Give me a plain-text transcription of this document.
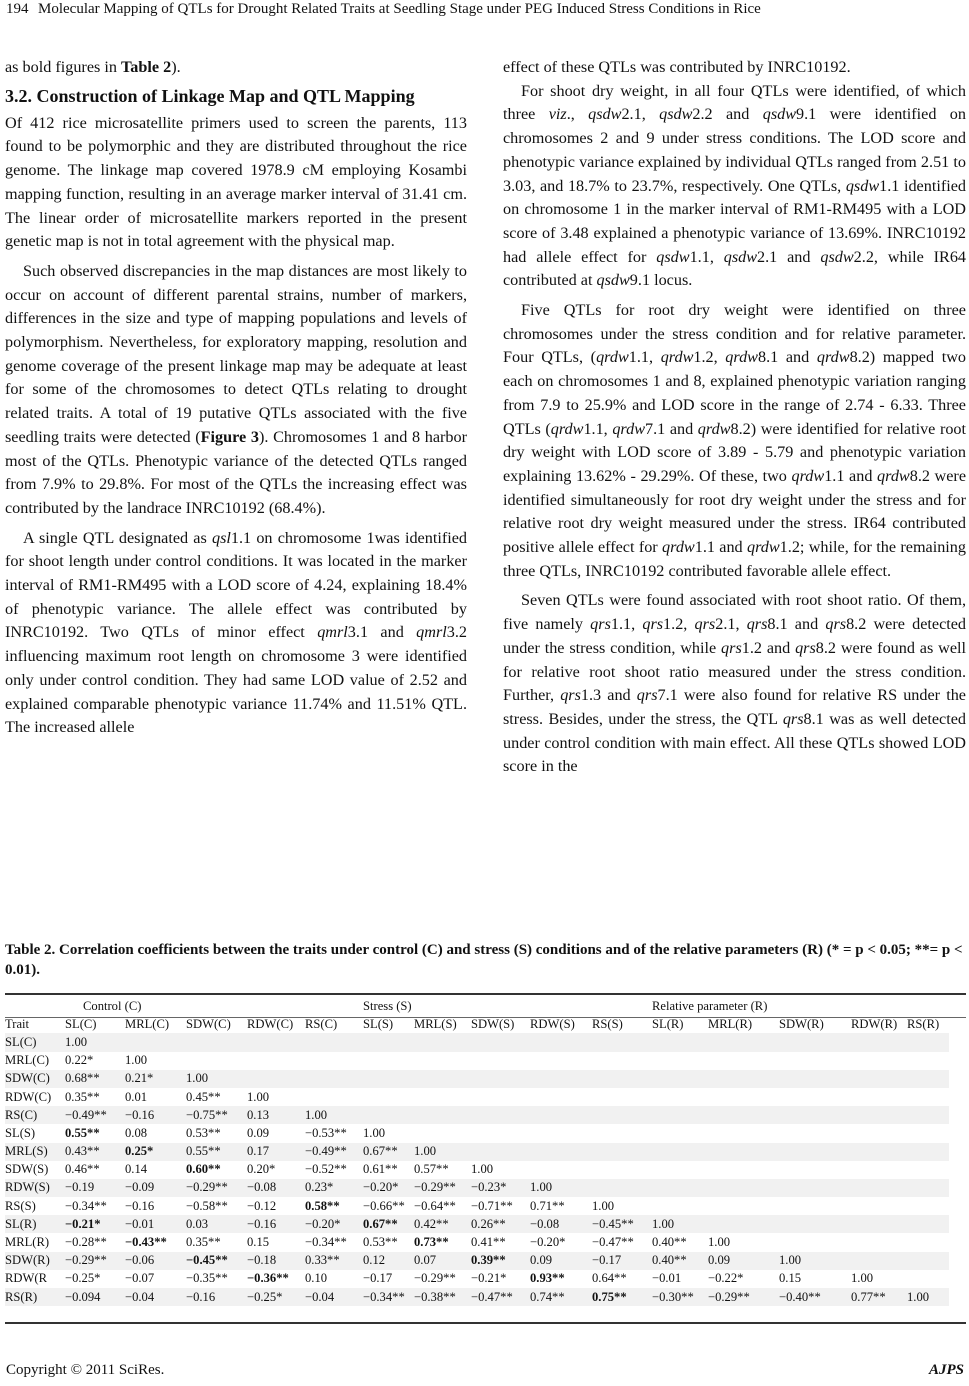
194 Molecular Mapping of QTLs for Drought Related Traits at Seedling Stage under PEG Induced Stress Conditions in Rice

as bold figures in Table 2).

3.2. Construction of Linkage Map and QTL Mapping

Of 412 rice microsatellite primers used to screen the parents, 113 found to be polymorphic and they are distributed throughout the rice genome. The linkage map covered 1978.9 cM employing Kosambi mapping function, resulting in an average marker interval of 31.41 cm. The linear order of microsatellite markers reported in the present genetic map is not in total agreement with the physical map.

Such observed discrepancies in the map distances are most likely to occur on account of different parental strains, number of markers, differences in the size and type of mapping populations and levels of polymorphism. Nevertheless, for exploratory mapping, resolution and genome coverage of the present linkage map may be adequate at least for some of the chromosomes to detect QTLs relating to drought related traits. A total of 19 putative QTLs associated with the five seedling traits were detected (Figure 3). Chromosomes 1 and 8 harbor most of the QTLs. Phenotypic variance of the detected QTLs ranged from 7.9% to 29.8%. For most of the QTLs the increasing effect was contributed by the landrace INRC10192 (68.4%).

A single QTL designated as qsl1.1 on chromosome 1was identified for shoot length under control conditions. It was located in the marker interval of RM1-RM495 with a LOD score of 4.24, explaining 18.4% of phenotypic variance. The allele effect was contributed by INRC10192. Two QTLs of minor effect qmrl3.1 and qmrl3.2 influencing maximum root length on chromosome 3 were identified only under control condition. They had same LOD value of 2.52 and explained comparable phenotypic variance 11.74% and 11.51% QTL. The increased allele

effect of these QTLs was contributed by INRC10192.

For shoot dry weight, in all four QTLs were identified, of which three viz., qsdw2.1, qsdw2.2 and qsdw9.1 were identified on chromosomes 2 and 9 under stress conditions. The LOD score and phenotypic variance explained by individual QTLs ranged from 2.51 to 3.03, and 18.7% to 23.7%, respectively. One QTLs, qsdw1.1 identified on chromosome 1 in the marker interval of RM1-RM495 with a LOD score of 3.48 explained a phenotypic variance of 13.69%. INRC10192 had allele effect for qsdw1.1, qsdw2.1 and qsdw2.2, while IR64 contributed at qsdw9.1 locus.

Five QTLs for root dry weight were identified on three chromosomes under the stress condition and for relative parameter. Four QTLs, (qrdw1.1, qrdw1.2, qrdw8.1 and qrdw8.2) mapped two each on chromosomes 1 and 8, explained phenotypic variation ranging from 7.9 to 25.9% and LOD score in the range of 2.74 - 6.33. Three QTLs (qrdw1.1, qrdw7.1 and qrdw8.2) were identified for relative root dry weight with LOD score of 3.89 - 5.79 and phenotypic variation explaining 13.62% - 29.29%. Of these, two qrdw1.1 and qrdw8.2 were identified simultaneously for root dry weight under the stress and for relative root dry weight measured under the stress. IR64 contributed positive allele effect for qrdw1.1 and qrdw1.2; while, for the remaining three QTLs, INRC10192 contributed favorable allele effect.

Seven QTLs were found associated with root shoot ratio. Of them, five namely qrs1.1, qrs1.2, qrs2.1, qrs8.1 and qrs8.2 were detected under the stress condition, while qrs1.2 and qrs8.2 were found as well for relative root shoot ratio measured under the stress condition. Further, qrs1.3 and qrs7.1 were also found for relative RS under the stress. Besides, under the stress, the QTL qrs8.1 was as well detected under control condition with main effect. All these QTLs showed LOD score in the

Table 2. Correlation coefficients between the traits under control (C) and stress (S) conditions and of the relative parameters (R) (* = p < 0.05; **= p < 0.01).
	Control (C)					Stress (S)					Relative parameter (R)				
Trait	SL(C)	MRL(C)	SDW(C)	RDW(C)	RS(C)	SL(S)	MRL(S)	SDW(S)	RDW(S)	RS(S)	SL(R)	MRL(R)	SDW(R)	RDW(R)	RS(R)
SL(C)	1.00														
MRL(C)	0.22*	1.00													
SDW(C)	0.68**	0.21*	1.00												
RDW(C)	0.35**	0.01	0.45**	1.00											
RS(C)	−0.49**	−0.16	−0.75**	0.13	1.00										
SL(S)	0.55**	0.08	0.53**	0.09	−0.53**	1.00									
MRL(S)	0.43**	0.25*	0.55**	0.17	−0.49**	0.67**	1.00								
SDW(S)	0.46**	0.14	0.60**	0.20*	−0.52**	0.61**	0.57**	1.00							
RDW(S)	−0.19	−0.09	−0.29**	−0.08	0.23*	−0.20*	−0.29**	−0.23*	1.00						
RS(S)	−0.34**	−0.16	−0.58**	−0.12	0.58**	−0.66**	−0.64**	−0.71**	0.71**	1.00					
SL(R)	−0.21*	−0.01	0.03	−0.16	−0.20*	0.67**	0.42**	0.26**	−0.08	−0.45**	1.00				
MRL(R)	−0.28**	−0.43**	0.35**	0.15	−0.34**	0.53**	0.73**	0.41**	−0.20*	−0.47**	0.40**	1.00			
SDW(R)	−0.29**	−0.06	−0.45**	−0.18	0.33**	0.12	0.07	0.39**	0.09	−0.17	0.40**	0.09	1.00		
RDW(R	−0.25*	−0.07	−0.35**	−0.36**	0.10	−0.17	−0.29**	−0.21*	0.93**	0.64**	−0.01	−0.22*	0.15	1.00	
RS(R)	−0.094	−0.04	−0.16	−0.25*	−0.04	−0.34**	−0.38**	−0.47**	0.74**	0.75**	−0.30**	−0.29**	−0.40**	0.77**	1.00
Copyright © 2011 SciRes.	AJPS
